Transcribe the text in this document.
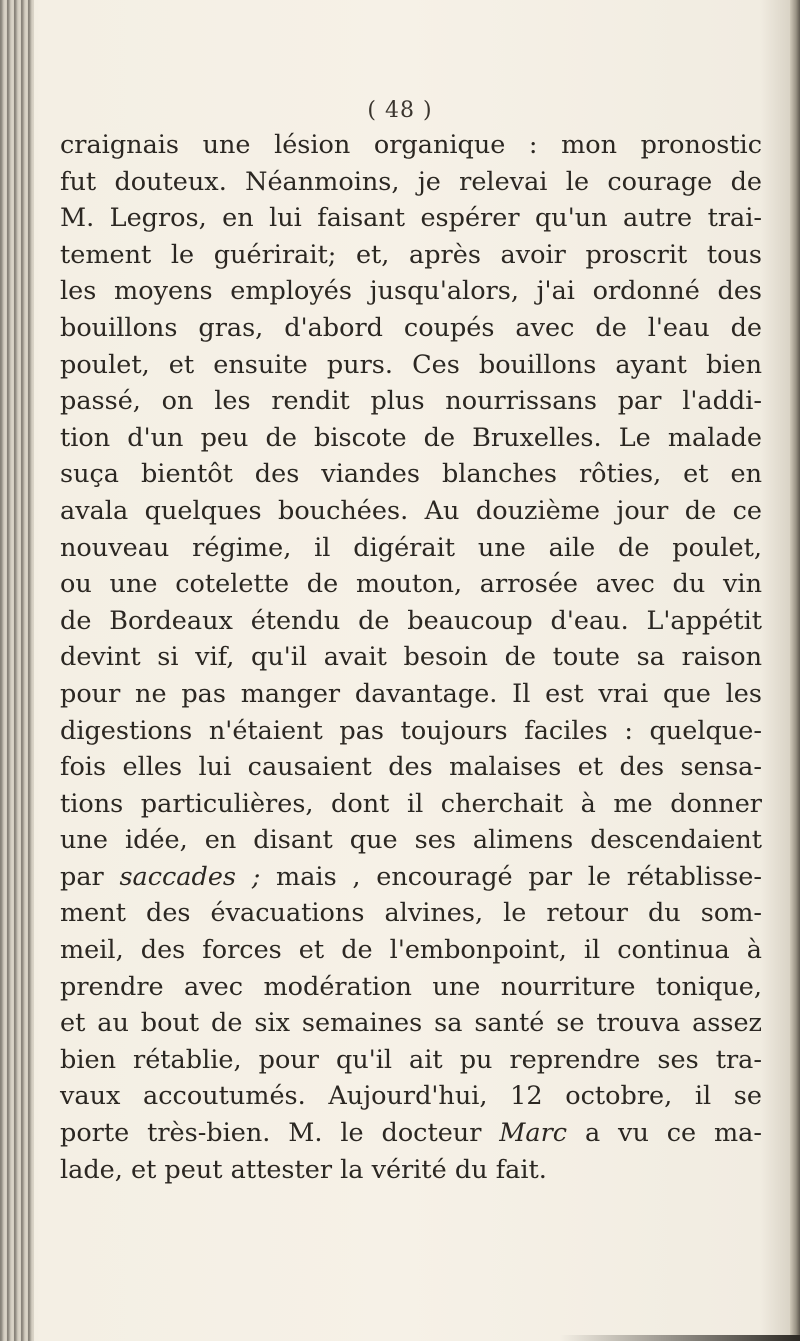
( 48 )
craignais une lésion organique : mon pronostic
fut douteux. Néanmoins, je relevai le courage de
M. Legros, en lui faisant espérer qu'un autre trai-
tement le guérirait; et, après avoir proscrit tous
les moyens employés jusqu'alors, j'ai ordonné des
bouillons gras, d'abord coupés avec de l'eau de
poulet, et ensuite purs. Ces bouillons ayant bien
passé, on les rendit plus nourrissans par l'addi-
tion d'un peu de biscote de Bruxelles. Le malade
suça bientôt des viandes blanches rôties, et en
avala quelques bouchées. Au douzième jour de ce
nouveau régime, il digérait une aile de poulet,
ou une cotelette de mouton, arrosée avec du vin
de Bordeaux étendu de beaucoup d'eau. L'appétit
devint si vif, qu'il avait besoin de toute sa raison
pour ne pas manger davantage. Il est vrai que les
digestions n'étaient pas toujours faciles : quelque-
fois elles lui causaient des malaises et des sensa-
tions particulières, dont il cherchait à me donner
une idée, en disant que ses alimens descendaient
par saccades ; mais , encouragé par le rétablisse-
ment des évacuations alvines, le retour du som-
meil, des forces et de l'embonpoint, il continua à
prendre avec modération une nourriture tonique,
et au bout de six semaines sa santé se trouva assez
bien rétablie, pour qu'il ait pu reprendre ses tra-
vaux accoutumés. Aujourd'hui, 12 octobre, il se
porte très-bien. M. le docteur Marc a vu ce ma-
lade, et peut attester la vérité du fait.
